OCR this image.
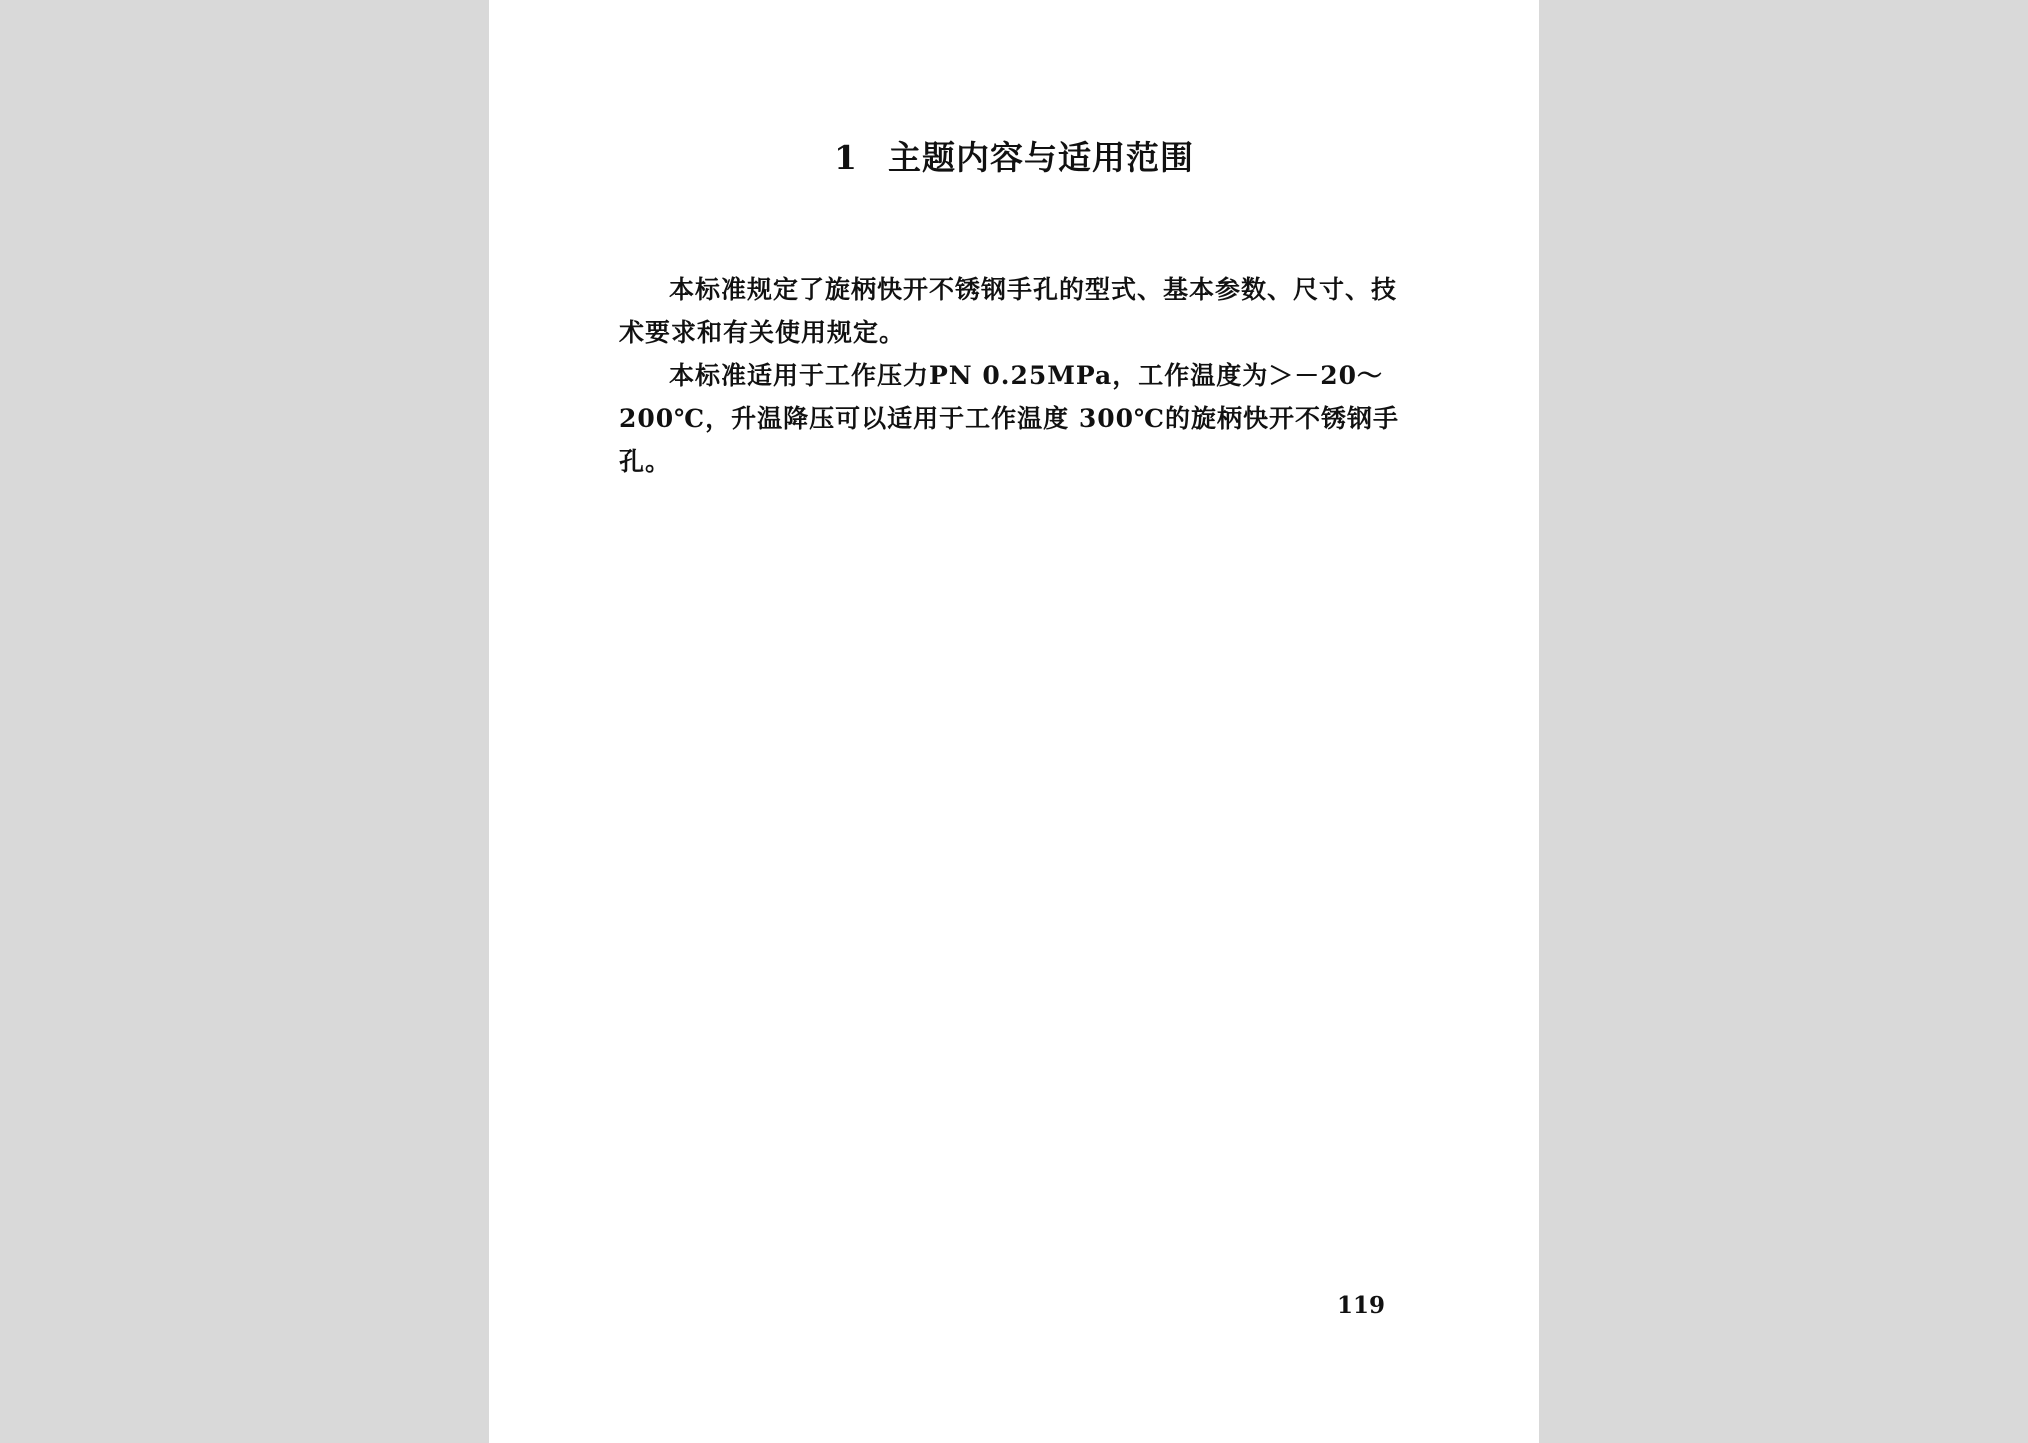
1 主题内容与适用范围

本标准规定了旋柄快开不锈钢手孔的型式、基本参数、尺寸、技术要求和有关使用规定。

本标准适用于工作压力PN 0.25MPa，工作温度为＞－20～200℃，升温降压可以适用于工作温度 300℃的旋柄快开不锈钢手孔。

119
